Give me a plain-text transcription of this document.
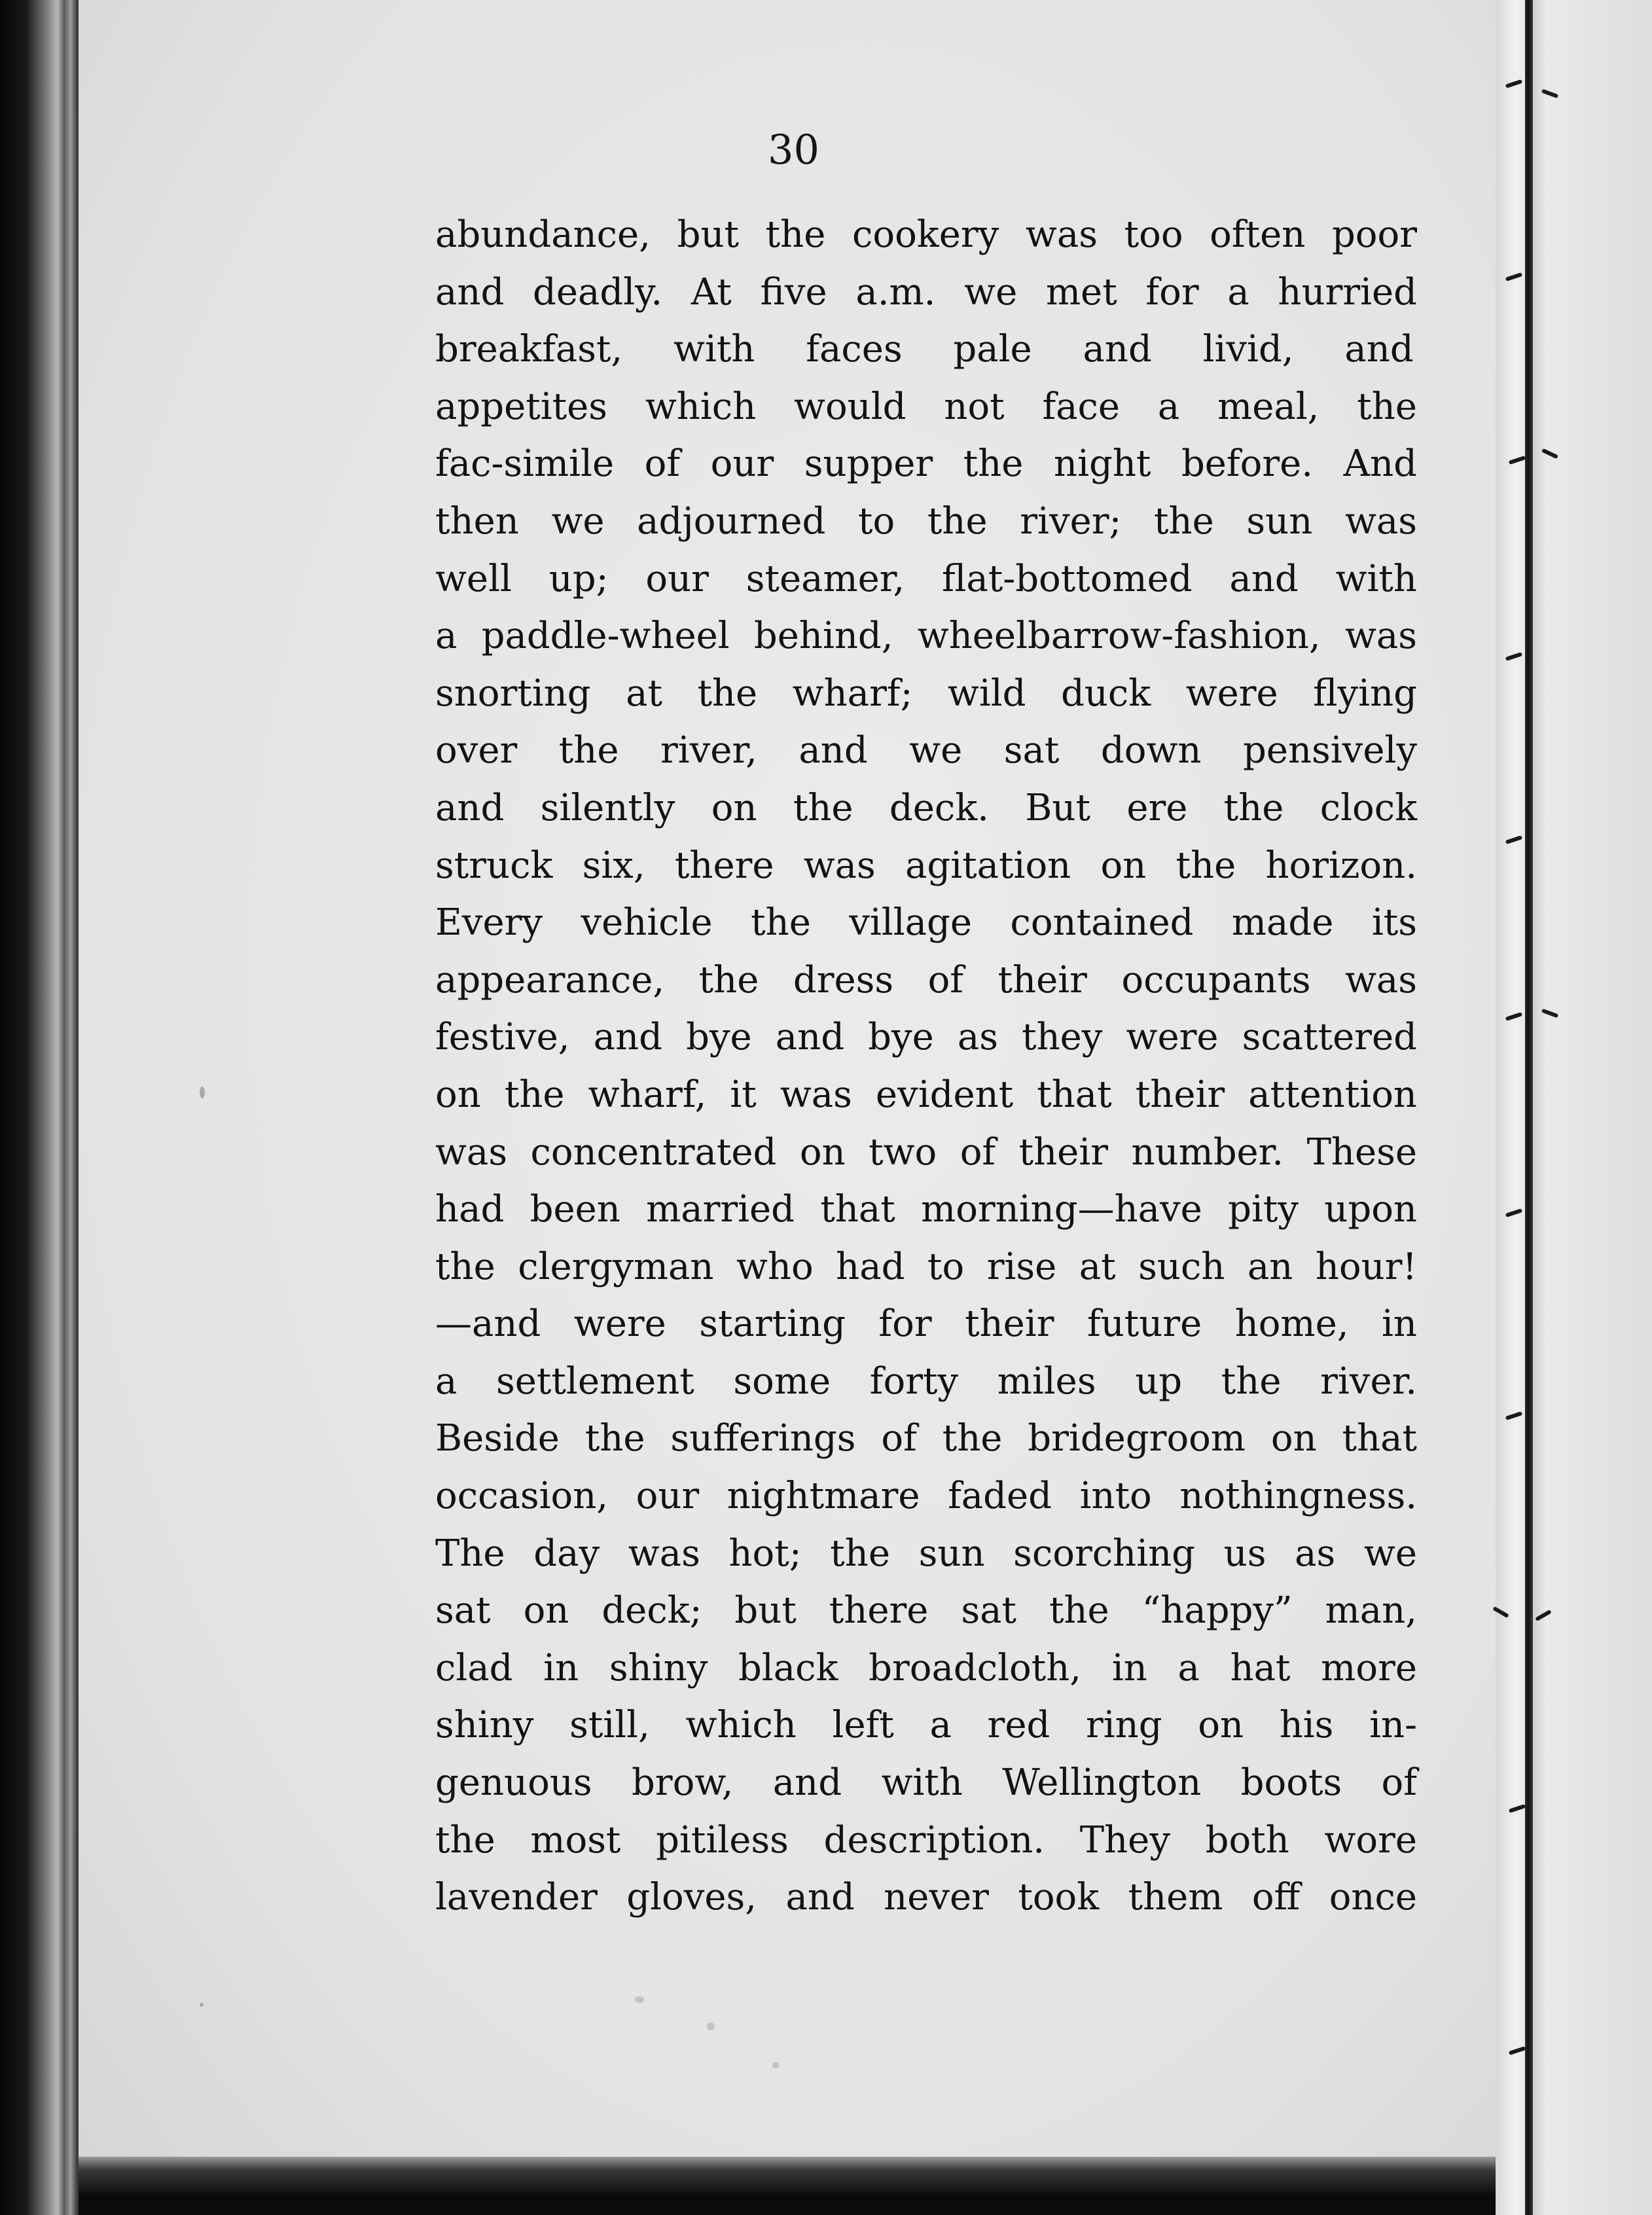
30
abundance, but the cookery was too often poor
and deadly. At five a.m. we met for a hurried
breakfast, with faces pale and livid, and
appetites which would not face a meal, the
fac-simile of our supper the night before. And
then we adjourned to the river; the sun was
well up; our steamer, flat-bottomed and with
a paddle-wheel behind, wheelbarrow-fashion, was
snorting at the wharf; wild duck were flying
over the river, and we sat down pensively
and silently on the deck. But ere the clock
struck six, there was agitation on the horizon.
Every vehicle the village contained made its
appearance, the dress of their occupants was
festive, and bye and bye as they were scattered
on the wharf, it was evident that their attention
was concentrated on two of their number. These
had been married that morning—have pity upon
the clergyman who had to rise at such an hour!
—and were starting for their future home, in
a settlement some forty miles up the river.
Beside the sufferings of the bridegroom on that
occasion, our nightmare faded into nothingness.
The day was hot; the sun scorching us as we
sat on deck; but there sat the “happy” man,
clad in shiny black broadcloth, in a hat more
shiny still, which left a red ring on his in-
genuous brow, and with Wellington boots of
the most pitiless description. They both wore
lavender gloves, and never took them off once
